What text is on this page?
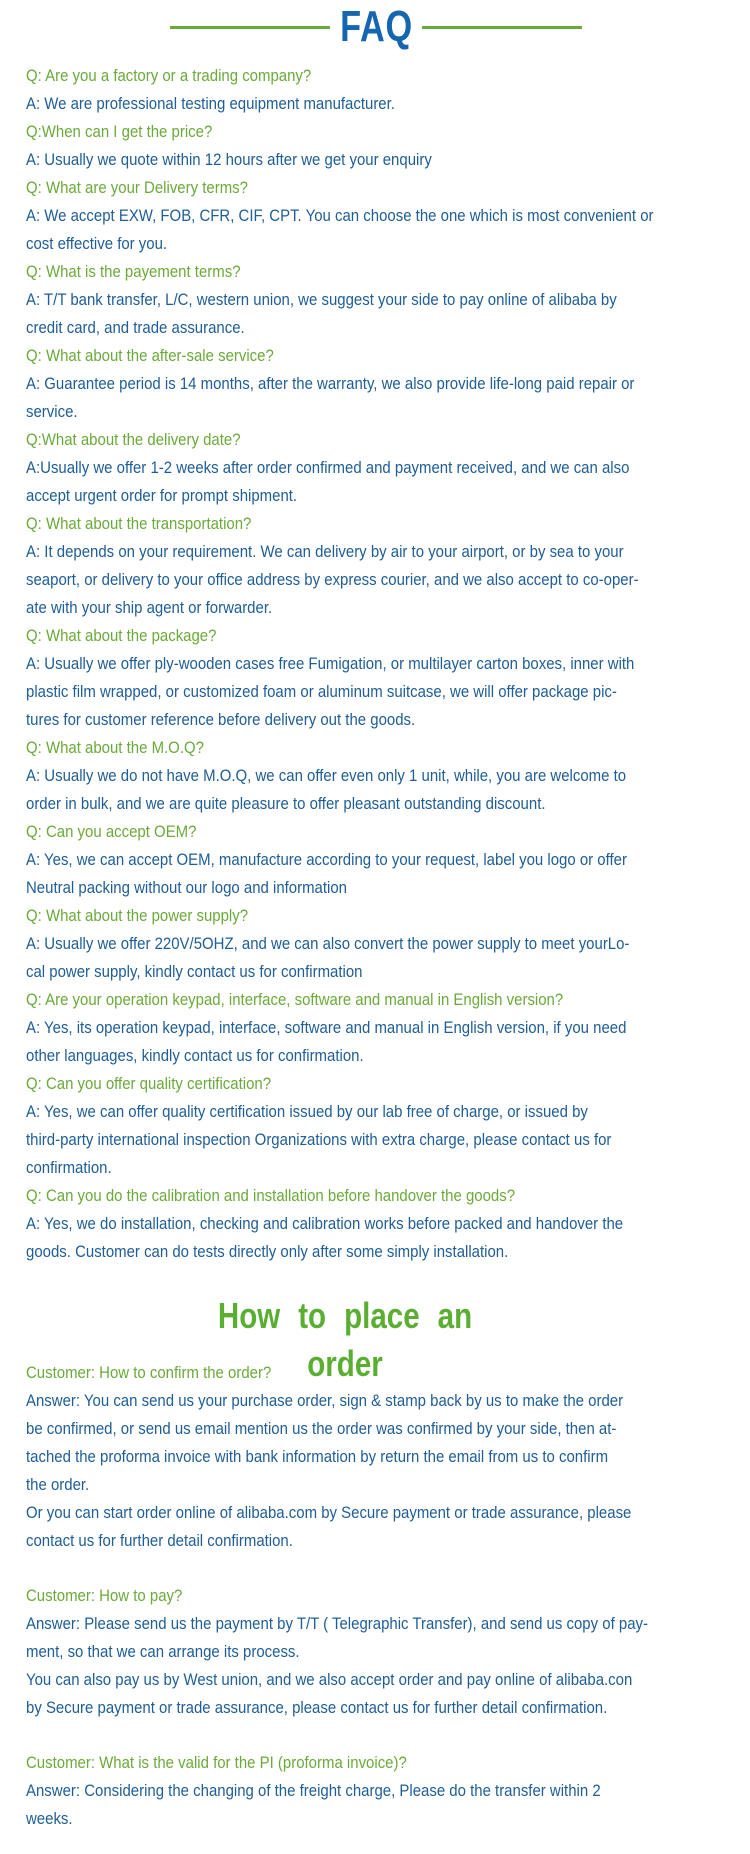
FAQ
Q: Are you a factory or a trading company?
A: We are professional testing equipment manufacturer.
Q:When can I get the price?
A: Usually we quote within 12 hours after we get your enquiry
Q: What are your Delivery terms?
A: We accept EXW, FOB, CFR, CIF, CPT. You can choose the one which is most convenient or
cost effective for you.
Q: What is the payement terms?
A: T/T bank transfer, L/C, western union, we suggest your side to pay online of alibaba by
credit card, and trade assurance.
Q: What about the after-sale service?
A: Guarantee period is 14 months, after the warranty, we also provide life-long paid repair or
service.
Q:What about the delivery date?
A:Usually we offer 1-2 weeks after order confirmed and payment received, and we can also
accept urgent order for prompt shipment.
Q: What about the transportation?
A: It depends on your requirement. We can delivery by air to your airport, or by sea to your
seaport, or delivery to your office address by express courier, and we also accept to co-oper-
ate with your ship agent or forwarder.
Q: What about the package?
A: Usually we offer ply-wooden cases free Fumigation, or multilayer carton boxes, inner with
plastic film wrapped, or customized foam or aluminum suitcase, we will offer package pic-
tures for customer reference before delivery out the goods.
Q: What about the M.O.Q?
A: Usually we do not have M.O.Q, we can offer even only 1 unit, while, you are welcome to
order in bulk, and we are quite pleasure to offer pleasant outstanding discount.
Q: Can you accept OEM?
A: Yes, we can accept OEM, manufacture according to your request, label you logo or offer
Neutral packing without our logo and information
Q: What about the power supply?
A: Usually we offer 220V/5OHZ, and we can also convert the power supply to meet yourLo-
cal power supply, kindly contact us for confirmation
Q: Are your operation keypad, interface, software and manual in English version?
A: Yes, its operation keypad, interface, software and manual in English version, if you need
other languages, kindly contact us for confirmation.
Q: Can you offer quality certification?
A: Yes, we can offer quality certification issued by our lab free of charge, or issued by
third-party international inspection Organizations with extra charge, please contact us for
confirmation.
Q: Can you do the calibration and installation before handover the goods?
A: Yes, we do installation, checking and calibration works before packed and handover the
goods. Customer can do tests directly only after some simply installation.
How to place an order
Customer: How to confirm the order?
Answer: You can send us your purchase order, sign & stamp back by us to make the order
be confirmed, or send us email mention us the order was confirmed by your side, then at-
tached the proforma invoice with bank information by return the email from us to confirm
the order.
Or you can start order online of alibaba.com by Secure payment or trade assurance, please
contact us for further detail confirmation.
Customer: How to pay?
Answer: Please send us the payment by T/T ( Telegraphic Transfer), and send us copy of pay-
ment, so that we can arrange its process.
You can also pay us by West union, and we also accept order and pay online of alibaba.con
by Secure payment or trade assurance, please contact us for further detail confirmation.
Customer: What is the valid for the PI (proforma invoice)?
Answer: Considering the changing of the freight charge, Please do the transfer within 2
weeks.
